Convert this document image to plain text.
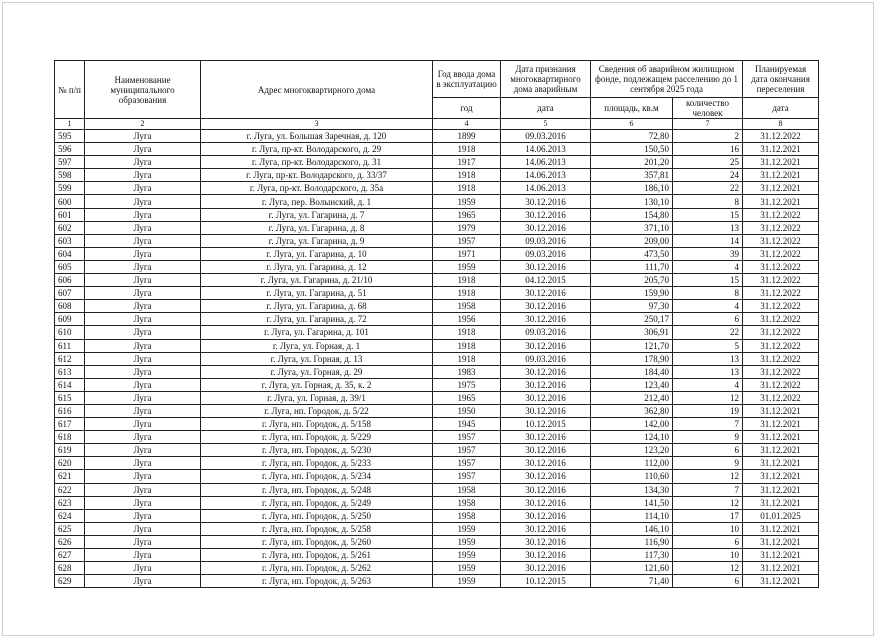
№ п/п	Наименование муниципального образования	Адрес многоквартирного дома	Год ввода дома в эксплуатацию	Дата признания многоквартирного дома аварийным	Сведения об аварийном жилищном фонде, подлежащем расселению до 1 сентября 2025 года		Планируемая дата окончания переселения
			год	дата	площадь, кв.м	количество человек	дата
1	2	3	4	5	6	7	8
595	Луга	г. Луга, ул. Большая Заречная, д. 120	1899	09.03.2016	72,80	2	31.12.2022
596	Луга	г. Луга, пр-кт. Володарского, д. 29	1918	14.06.2013	150,50	16	31.12.2021
597	Луга	г. Луга, пр-кт. Володарского, д. 31	1917	14.06.2013	201,20	25	31.12.2021
598	Луга	г. Луга, пр-кт. Володарского, д. 33/37	1918	14.06.2013	357,81	24	31.12.2021
599	Луга	г. Луга, пр-кт. Володарского, д. 35а	1918	14.06.2013	186,10	22	31.12.2021
600	Луга	г. Луга, пер. Волынский, д. 1	1959	30.12.2016	130,10	8	31.12.2021
601	Луга	г. Луга, ул. Гагарина, д. 7	1965	30.12.2016	154,80	15	31.12.2022
602	Луга	г. Луга, ул. Гагарина, д. 8	1979	30.12.2016	371,10	13	31.12.2022
603	Луга	г. Луга, ул. Гагарина, д. 9	1957	09.03.2016	209,00	14	31.12.2022
604	Луга	г. Луга, ул. Гагарина, д. 10	1971	09.03.2016	473,50	39	31.12.2022
605	Луга	г. Луга, ул. Гагарина, д. 12	1959	30.12.2016	111,70	4	31.12.2022
606	Луга	г. Луга, ул. Гагарина, д. 21/10	1918	04.12.2015	205,70	15	31.12.2022
607	Луга	г. Луга, ул. Гагарина, д. 51	1918	30.12.2016	159,90	8	31.12.2022
608	Луга	г. Луга, ул. Гагарина, д. 68	1958	30.12.2016	97,30	4	31.12.2022
609	Луга	г. Луга, ул. Гагарина, д. 72	1956	30.12.2016	250,17	6	31.12.2022
610	Луга	г. Луга, ул. Гагарина, д. 101	1918	09.03.2016	306,91	22	31.12.2022
611	Луга	г. Луга, ул. Горная, д. 1	1918	30.12.2016	121,70	5	31.12.2022
612	Луга	г. Луга, ул. Горная, д. 13	1918	09.03.2016	178,90	13	31.12.2022
613	Луга	г. Луга, ул. Горная, д. 29	1983	30.12.2016	184,40	13	31.12.2022
614	Луга	г. Луга, ул. Горная, д. 35, к. 2	1975	30.12.2016	123,40	4	31.12.2022
615	Луга	г. Луга, ул. Горная, д. 39/1	1965	30.12.2016	212,40	12	31.12.2022
616	Луга	г. Луга, нп. Городок, д. 5/22	1950	30.12.2016	362,80	19	31.12.2021
617	Луга	г. Луга, нп. Городок, д. 5/158	1945	10.12.2015	142,00	7	31.12.2021
618	Луга	г. Луга, нп. Городок, д. 5/229	1957	30.12.2016	124,10	9	31.12.2021
619	Луга	г. Луга, нп. Городок, д. 5/230	1957	30.12.2016	123,20	6	31.12.2021
620	Луга	г. Луга, нп. Городок, д. 5/233	1957	30.12.2016	112,00	9	31.12.2021
621	Луга	г. Луга, нп. Городок, д. 5/234	1957	30.12.2016	110,60	12	31.12.2021
622	Луга	г. Луга, нп. Городок, д. 5/248	1958	30.12.2016	134,30	7	31.12.2021
623	Луга	г. Луга, нп. Городок, д. 5/249	1958	30.12.2016	141,50	12	31.12.2021
624	Луга	г. Луга, нп. Городок, д. 5/250	1958	30.12.2016	114,10	17	01.01.2025
625	Луга	г. Луга, нп. Городок, д. 5/258	1959	30.12.2016	146,10	10	31.12.2021
626	Луга	г. Луга, нп. Городок, д. 5/260	1959	30.12.2016	116,90	6	31.12.2021
627	Луга	г. Луга, нп. Городок, д. 5/261	1959	30.12.2016	117,30	10	31.12.2021
628	Луга	г. Луга, нп. Городок, д. 5/262	1959	30.12.2016	121,60	12	31.12.2021
629	Луга	г. Луга, нп. Городок, д. 5/263	1959	10.12.2015	71,40	6	31.12.2021
